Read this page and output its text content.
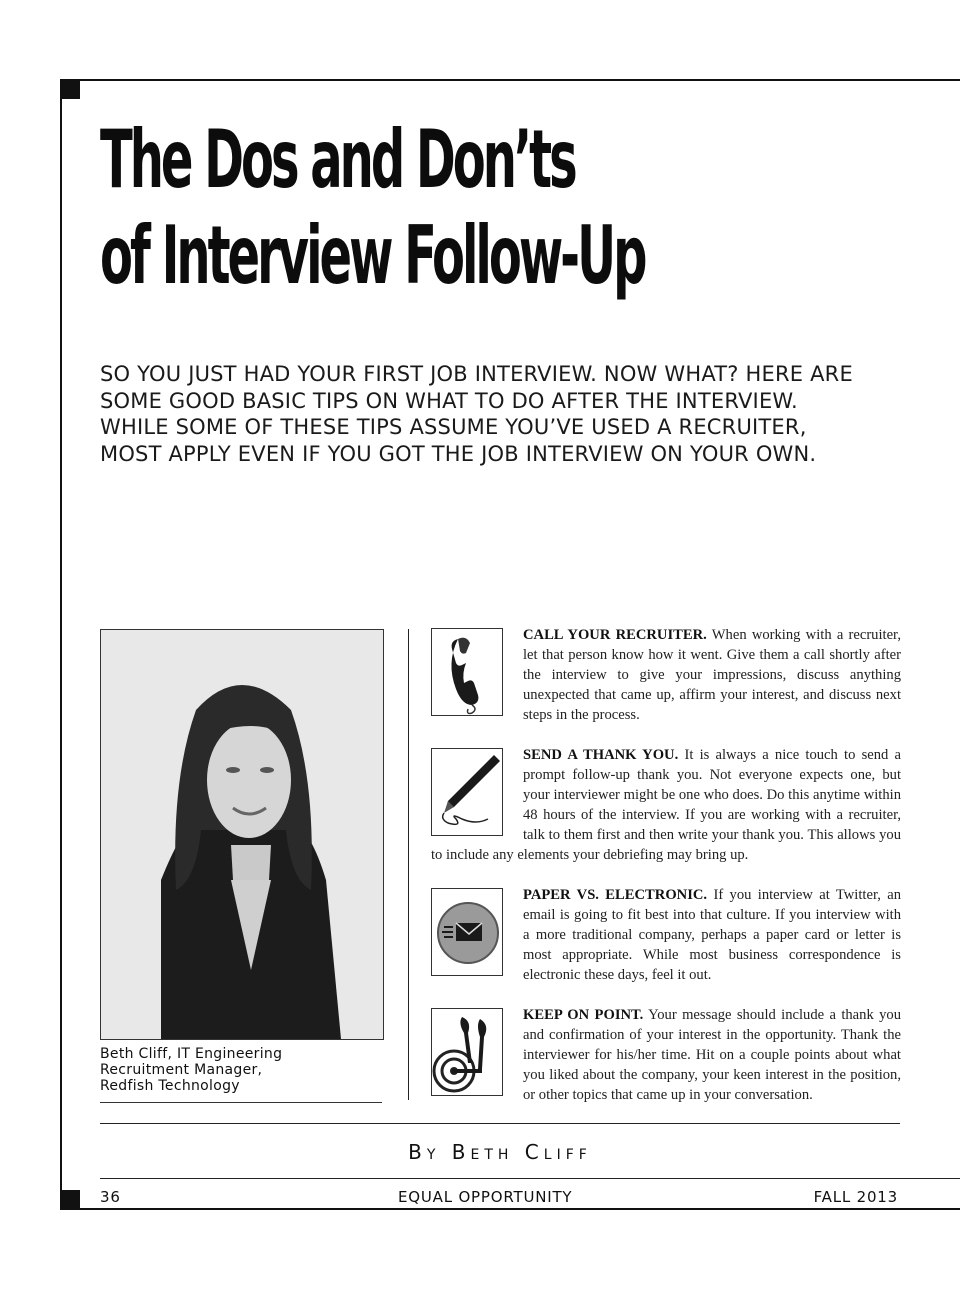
The Dos and Don’ts
of Interview Follow-Up

SO YOU JUST HAD YOUR FIRST JOB INTERVIEW. NOW WHAT? HERE ARE SOME GOOD BASIC TIPS ON WHAT TO DO AFTER THE INTERVIEW. WHILE SOME OF THESE TIPS ASSUME YOU’VE USED A RECRUITER, MOST APPLY EVEN IF YOU GOT THE JOB INTERVIEW ON YOUR OWN.

Beth Cliff, IT Engineering
Recruitment Manager,
Redfish Technology

CALL YOUR RECRUITER. When working with a recruiter, let that person know how it went. Give them a call shortly after the interview to give your impressions, discuss anything unexpected that came up, affirm your interest, and discuss next steps in the process.

SEND A THANK YOU. It is always a nice touch to send a prompt follow-up thank you. Not everyone expects one, but your interviewer might be one who does. Do this anytime within 48 hours of the interview. If you are working with a recruiter, talk to them first and then write your thank you. This allows you to include any elements your debriefing may bring up.

PAPER VS. ELECTRONIC. If you interview at Twitter, an email is going to fit best into that culture. If you interview with a more traditional company, perhaps a paper card or letter is most appropriate. While most business correspondence is electronic these days, feel it out.

KEEP ON POINT. Your message should include a thank you and confirmation of your interest in the opportunity. Thank the interviewer for his/her time. Hit on a couple points about what you liked about the company, your keen interest in the position, or other topics that came up in your conversation.

By Beth Cliff

36	EQUAL OPPORTUNITY	FALL 2013
